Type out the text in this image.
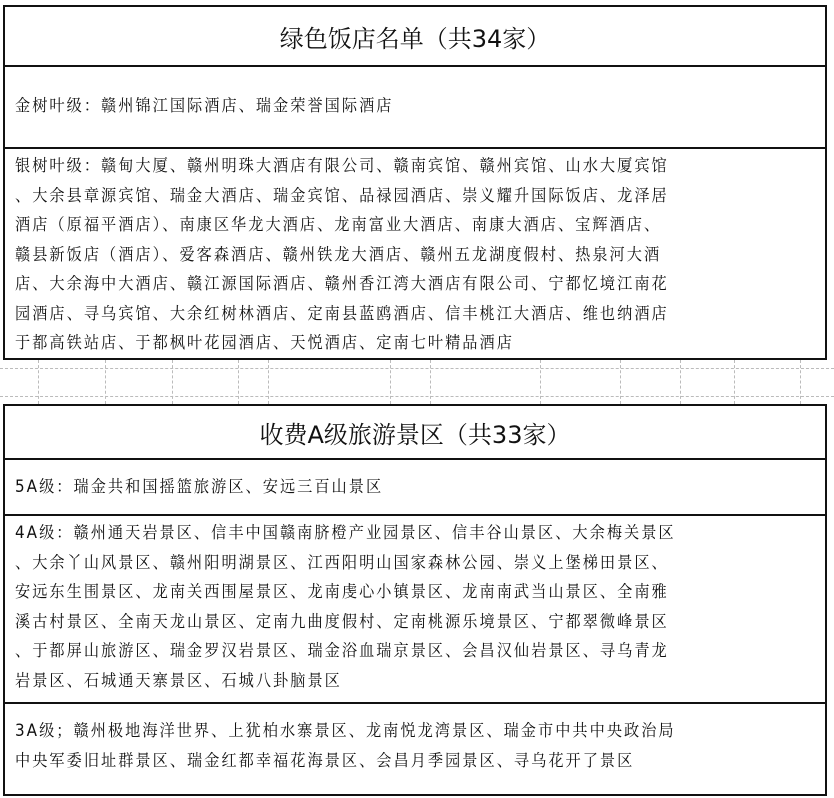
绿色饭店名单（共34家）
金树叶级：赣州锦江国际酒店、瑞金荣誉国际酒店
银树叶级：赣甸大厦、赣州明珠大酒店有限公司、赣南宾馆、赣州宾馆、山水大厦宾馆
、大余县章源宾馆、瑞金大酒店、瑞金宾馆、品禄园酒店、崇义耀升国际饭店、龙泽居
酒店（原福平酒店）、南康区华龙大酒店、龙南富业大酒店、南康大酒店、宝辉酒店、
赣县新饭店（酒店）、爱客森酒店、赣州铁龙大酒店、赣州五龙湖度假村、热泉河大酒
店、大余海中大酒店、赣江源国际酒店、赣州香江湾大酒店有限公司、宁都忆境江南花
园酒店、寻乌宾馆、大余红树林酒店、定南县蓝鸥酒店、信丰桃江大酒店、维也纳酒店
于都高铁站店、于都枫叶花园酒店、天悦酒店、定南七叶精品酒店
收费A级旅游景区（共33家）
5A级：瑞金共和国摇篮旅游区、安远三百山景区
4A级：赣州通天岩景区、信丰中国赣南脐橙产业园景区、信丰谷山景区、大余梅关景区
、大余丫山风景区、赣州阳明湖景区、江西阳明山国家森林公园、崇义上堡梯田景区、
安远东生围景区、龙南关西围屋景区、龙南虔心小镇景区、龙南南武当山景区、全南雅
溪古村景区、全南天龙山景区、定南九曲度假村、定南桃源乐境景区、宁都翠微峰景区
、于都屏山旅游区、瑞金罗汉岩景区、瑞金浴血瑞京景区、会昌汉仙岩景区、寻乌青龙
岩景区、石城通天寨景区、石城八卦脑景区
3A级；赣州极地海洋世界、上犹柏水寨景区、龙南悦龙湾景区、瑞金市中共中央政治局
中央军委旧址群景区、瑞金红都幸福花海景区、会昌月季园景区、寻乌花开了景区
